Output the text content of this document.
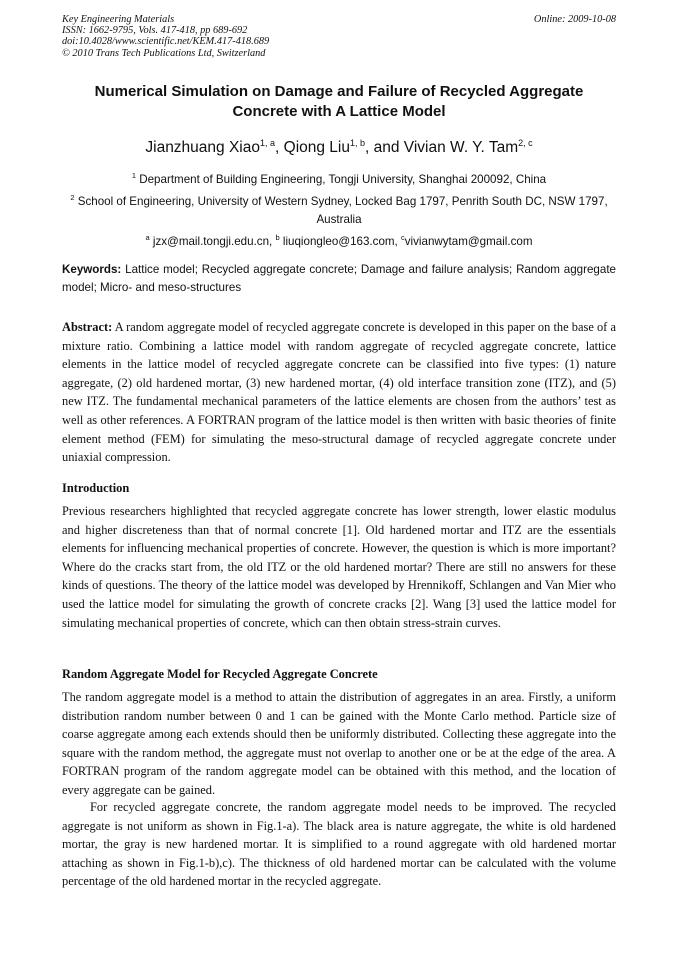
Key Engineering Materials
ISSN: 1662-9795, Vols. 417-418, pp 689-692
doi:10.4028/www.scientific.net/KEM.417-418.689
© 2010 Trans Tech Publications Ltd, Switzerland
Online: 2009-10-08
Numerical Simulation on Damage and Failure of Recycled Aggregate
Concrete with A Lattice Model
Jianzhuang Xiao$^{1, a}$, Qiong Liu$^{1, b}$, and Vivian W. Y. Tam$^{2, c}$
$^1$ Department of Building Engineering, Tongji University, Shanghai 200092, China
$^2$ School of Engineering, University of Western Sydney, Locked Bag 1797, Penrith South DC, NSW 1797, Australia
$^a$ jzx@mail.tongji.edu.cn, $^b$ liuqiongleo@163.com, $^c$vivianwytam@gmail.com
Keywords: Lattice model; Recycled aggregate concrete; Damage and failure analysis; Random aggregate model; Micro- and meso-structures
Abstract: A random aggregate model of recycled aggregate concrete is developed in this paper on the base of a mixture ratio. Combining a lattice model with random aggregate of recycled aggregate concrete, lattice elements in the lattice model of recycled aggregate concrete can be classified into five types: (1) nature aggregate, (2) old hardened mortar, (3) new hardened mortar, (4) old interface transition zone (ITZ), and (5) new ITZ. The fundamental mechanical parameters of the lattice elements are chosen from the authors’ test as well as other references. A FORTRAN program of the lattice model is then written with basic theories of finite element method (FEM) for simulating the meso-structural damage of recycled aggregate concrete under uniaxial compression.
Introduction
Previous researchers highlighted that recycled aggregate concrete has lower strength, lower elastic modulus and higher discreteness than that of normal concrete [1]. Old hardened mortar and ITZ are the essentials elements for influencing mechanical properties of concrete. However, the question is which is more important? Where do the cracks start from, the old ITZ or the old hardened mortar? There are still no answers for these kinds of questions. The theory of the lattice model was developed by Hrennikoff, Schlangen and Van Mier who used the lattice model for simulating the growth of concrete cracks [2]. Wang [3] used the lattice model for simulating mechanical properties of concrete, which can then obtain stress-strain curves.
Random Aggregate Model for Recycled Aggregate Concrete
The random aggregate model is a method to attain the distribution of aggregates in an area. Firstly, a uniform distribution random number between 0 and 1 can be gained with the Monte Carlo method. Particle size of coarse aggregate among each extends should then be uniformly distributed. Collecting these aggregate into the square with the random method, the aggregate must not overlap to another one or be at the edge of the area. A FORTRAN program of the random aggregate model can be obtained with this method, and the location of every aggregate can be gained.
For recycled aggregate concrete, the random aggregate model needs to be improved. The recycled aggregate is not uniform as shown in Fig.1-a). The black area is nature aggregate, the white is old hardened mortar, the gray is new hardened mortar. It is simplified to a round aggregate with old hardened mortar attaching as shown in Fig.1-b),c). The thickness of old hardened mortar can be calculated with the volume percentage of the old hardened mortar in the recycled aggregate.
